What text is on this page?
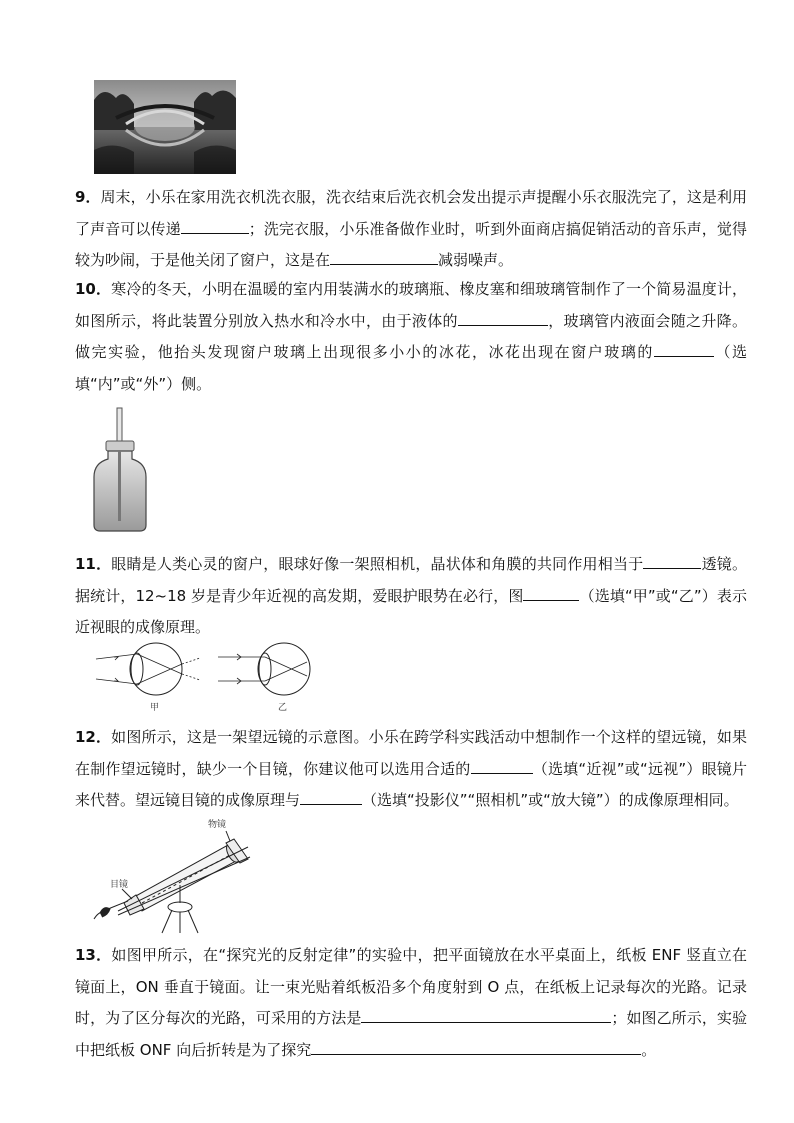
9．周末，小乐在家用洗衣机洗衣服，洗衣结束后洗衣机会发出提示声提醒小乐衣服洗完了，这是利用了声音可以传递	；洗完衣服，小乐准备做作业时，听到外面商店搞促销活动的音乐声，觉得较为吵闹，于是他关闭了窗户，这是在	减弱噪声。
10．寒冷的冬天，小明在温暖的室内用装满水的玻璃瓶、橡皮塞和细玻璃管制作了一个简易温度计，如图所示，将此装置分别放入热水和冷水中，由于液体的	，玻璃管内液面会随之升降。做完实验，他抬头发现窗户玻璃上出现很多小小的冰花，冰花出现在窗户玻璃的	（选填“内”或“外”）侧。
11．眼睛是人类心灵的窗户，眼球好像一架照相机，晶状体和角膜的共同作用相当于	透镜。据统计，12~18 岁是青少年近视的高发期，爱眼护眼势在必行，图	（选填“甲”或“乙”）表示近视眼的成像原理。
甲	乙
12．如图所示，这是一架望远镜的示意图。小乐在跨学科实践活动中想制作一个这样的望远镜，如果在制作望远镜时，缺少一个目镜，你建议他可以选用合适的	（选填“近视”或“远视”）眼镜片来代替。望远镜目镜的成像原理与	（选填“投影仪”“照相机”或“放大镜”）的成像原理相同。
物镜
目镜
13．如图甲所示，在“探究光的反射定律”的实验中，把平面镜放在水平桌面上，纸板 ENF 竖直立在镜面上，ON 垂直于镜面。让一束光贴着纸板沿多个角度射到 O 点，在纸板上记录每次的光路。记录时，为了区分每次的光路，可采用的方法是	；如图乙所示，实验中把纸板 ONF 向后折转是为了探究	。
